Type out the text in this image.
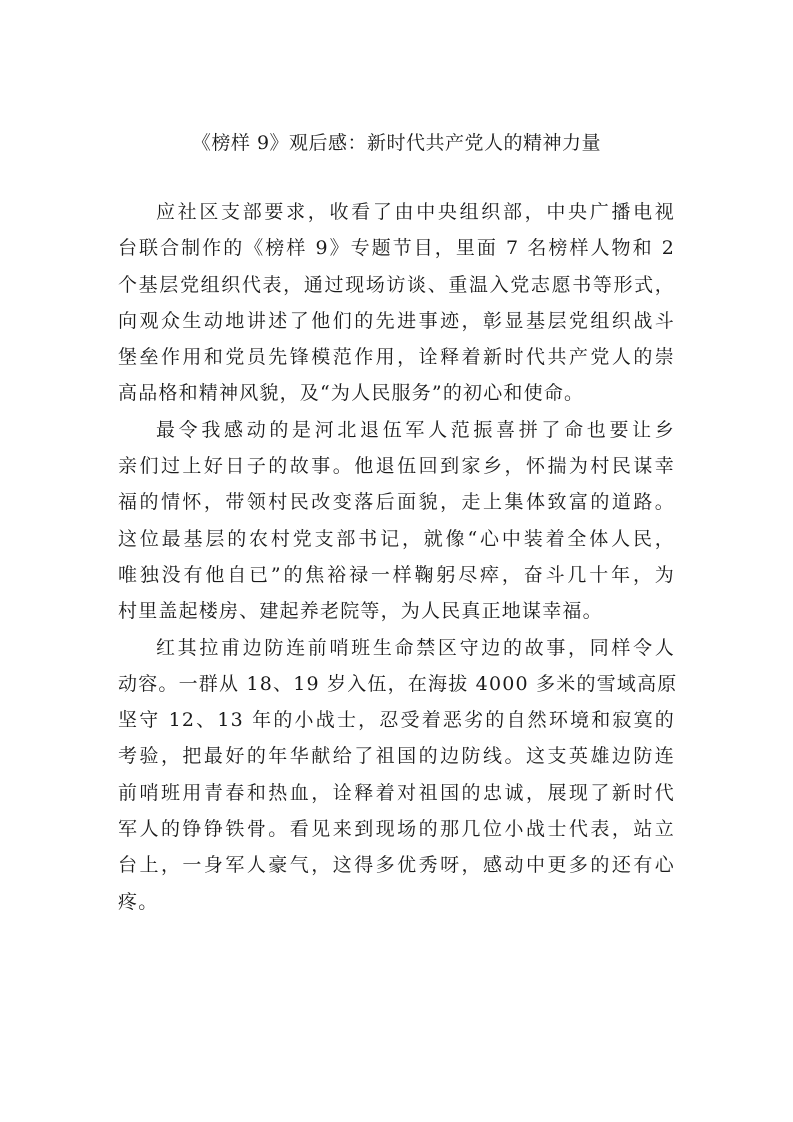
《榜样 9》观后感：新时代共产党人的精神力量
应社区支部要求，收看了由中央组织部，中央广播电视
台联合制作的《榜样 9》专题节目，里面 7 名榜样人物和 2
个基层党组织代表，通过现场访谈、重温入党志愿书等形式，
向观众生动地讲述了他们的先进事迹，彰显基层党组织战斗
堡垒作用和党员先锋模范作用，诠释着新时代共产党人的崇
高品格和精神风貌，及“为人民服务”的初心和使命。
最令我感动的是河北退伍军人范振喜拼了命也要让乡
亲们过上好日子的故事。他退伍回到家乡，怀揣为村民谋幸
福的情怀，带领村民改变落后面貌，走上集体致富的道路。
这位最基层的农村党支部书记，就像“心中装着全体人民，
唯独没有他自已”的焦裕禄一样鞠躬尽瘁，奋斗几十年，为
村里盖起楼房、建起养老院等，为人民真正地谋幸福。
红其拉甫边防连前哨班生命禁区守边的故事，同样令人
动容。一群从 18、19 岁入伍，在海拔 4000 多米的雪域高原
坚守 12、13 年的小战士，忍受着恶劣的自然环境和寂寞的
考验，把最好的年华献给了祖国的边防线。这支英雄边防连
前哨班用青春和热血，诠释着对祖国的忠诚，展现了新时代
军人的铮铮铁骨。看见来到现场的那几位小战士代表，站立
台上，一身军人豪气，这得多优秀呀，感动中更多的还有心
疼。
